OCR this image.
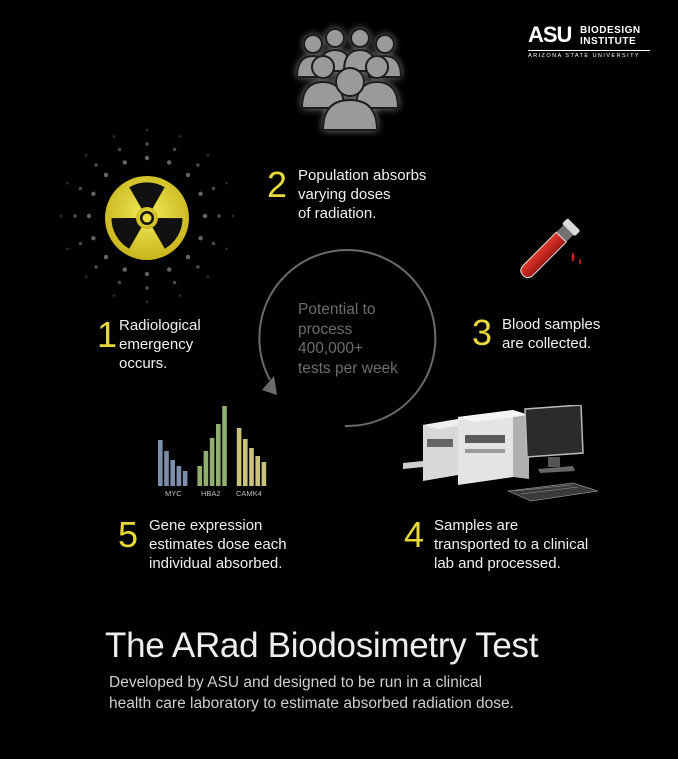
ASU BIODESIGN
INSTITUTE
ARIZONA STATE UNIVERSITY
Potential to
process
400,000+
tests per week
MYC	HBA2 CAMK4
1 Radiological
emergency
occurs.
2 Population absorbs
varying doses
of radiation.
3 Blood samples
are collected.
4 Samples are
transported to a clinical
lab and processed.
5 Gene expression
estimates dose each
individual absorbed.
The ARad Biodosimetry Test
Developed by ASU and designed to be run in a clinical
health care laboratory to estimate absorbed radiation dose.
